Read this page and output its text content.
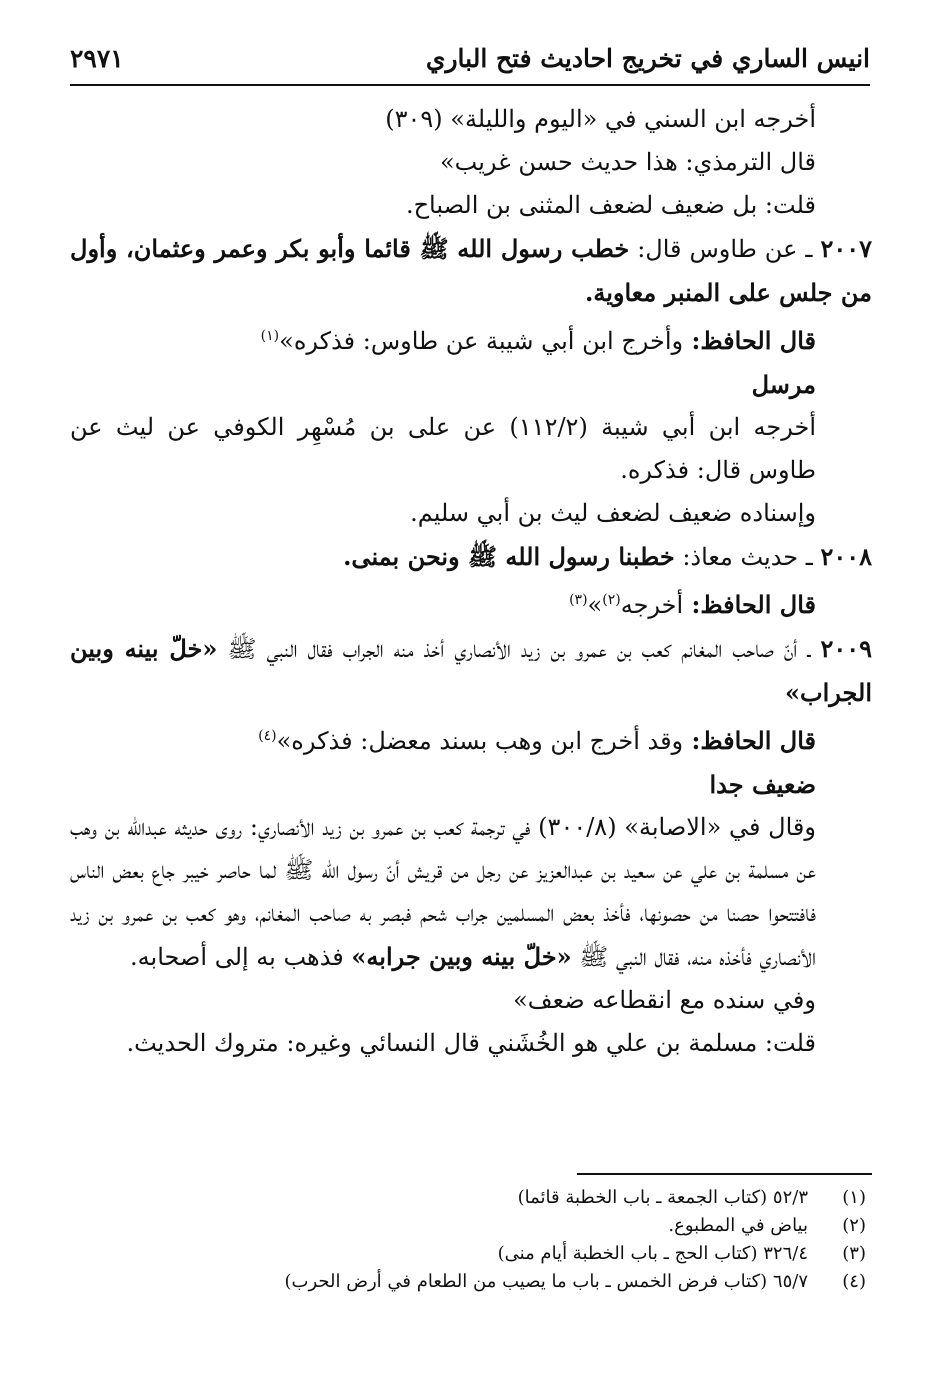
انيس الساري في تخريج احاديث فتح الباري
٢٩٧١

أخرجه ابن السني في «اليوم والليلة» (٣٠٩)

قال الترمذي: هذا حديث حسن غريب»

قلت: بل ضعيف لضعف المثنى بن الصباح.

٢٠٠٧ ـ عن طاوس قال: خطب رسول الله ﷺ قائما وأبو بكر وعمر وعثمان، وأول من جلس على المنبر معاوية.

قال الحافظ: وأخرج ابن أبي شيبة عن طاوس: فذكره»$^{(١)}$

مرسل

أخرجه ابن أبي شيبة (١١٢/٢) عن على بن مُسْهِر الكوفي عن ليث عن طاوس قال: فذكره.

وإسناده ضعيف لضعف ليث بن أبي سليم.

٢٠٠٨ ـ حديث معاذ: خطبنا رسول الله ﷺ ونحن بمنى.

قال الحافظ: أخرجه$^{(٢)}$»$^{(٣)}$

٢٠٠٩ ـ أنّ صاحب المغانم كعب بن عمرو بن زيد الأنصاري أخذ منه الجراب فقال النبي ﷺ «خلّ بينه وبين الجراب»

قال الحافظ: وقد أخرج ابن وهب بسند معضل: فذكره»$^{(٤)}$

ضعيف جدا

وقال في «الاصابة» (٣٠٠/٨) في ترجمة كعب بن عمرو بن زيد الأنصاري: روى حديثه عبدالله بن وهب عن مسلمة بن علي عن سعيد بن عبدالعزيز عن رجل من قريش أنّ رسول الله ﷺ لما حاصر خيبر جاع بعض الناس فافتتحوا حصنا من حصونها، فأخذ بعض المسلمين جراب شحم فبصر به صاحب المغانم، وهو كعب بن عمرو بن زيد الأنصاري فأخذه منه، فقال النبي ﷺ «خلّ بينه وبين جرابه» فذهب به إلى أصحابه.

وفي سنده مع انقطاعه ضعف»

قلت: مسلمة بن علي هو الخُشَني قال النسائي وغيره: متروك الحديث.

(١)
٥٢/٣ (كتاب الجمعة ـ باب الخطبة قائما)
(٢)
بياض في المطبوع.
(٣)
٣٢٦/٤ (كتاب الحج ـ باب الخطبة أيام منى)
(٤)
٦٥/٧ (كتاب فرض الخمس ـ باب ما يصيب من الطعام في أرض الحرب)
